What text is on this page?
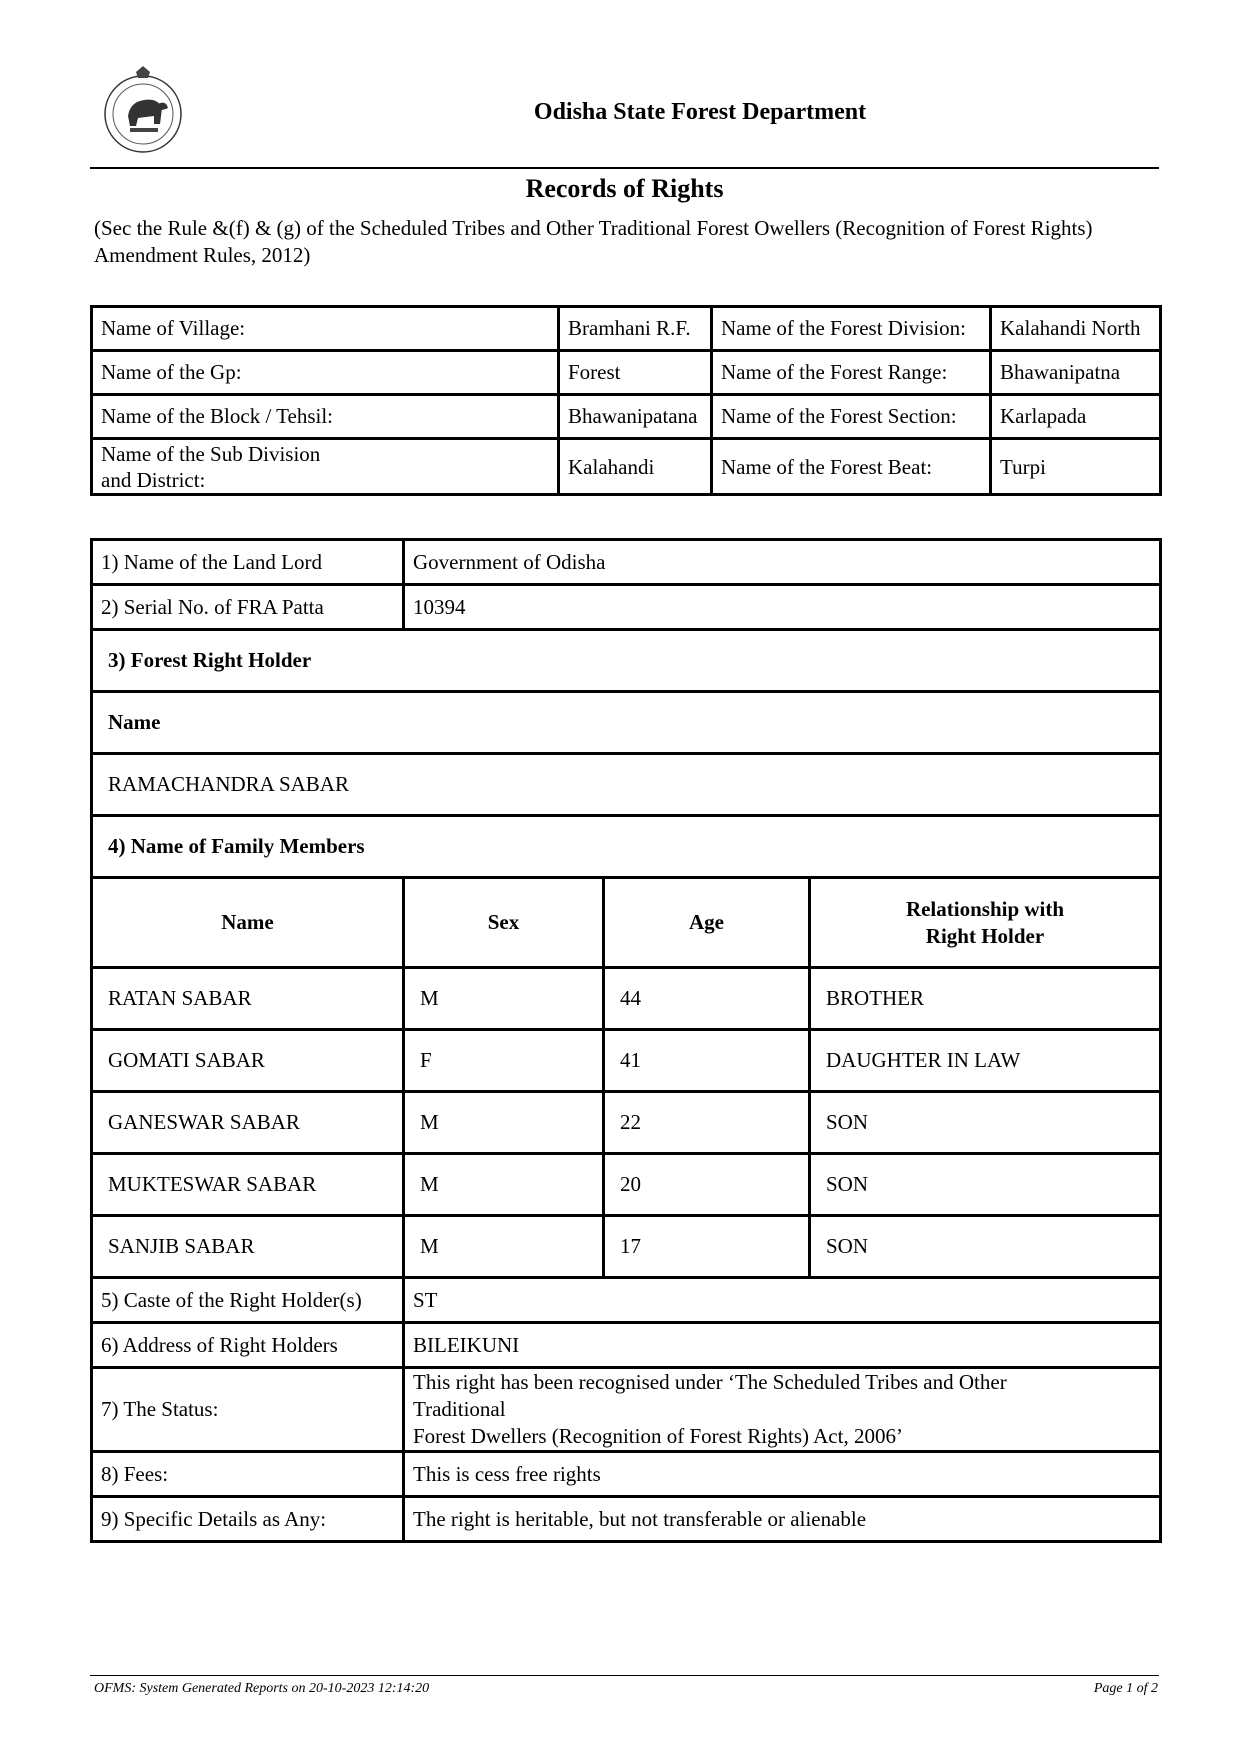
Odisha State Forest Department
Records of Rights
(Sec the Rule &(f) & (g) of the Scheduled Tribes and Other Traditional Forest Owellers (Recognition of Forest Rights) Amendment Rules, 2012)
Name of Village:	Bramhani R.F.	Name of the Forest Division:	Kalahandi North
Name of the Gp:	Forest	Name of the Forest Range:	Bhawanipatna
Name of the Block / Tehsil:	Bhawanipatana	Name of the Forest Section:	Karlapada

Name of the Sub Division and District:	Kalahandi	Name of the Forest Beat:	Turpi
1) Name of the Land Lord	Government of Odisha		
2) Serial No. of FRA Patta	10394		
3) Forest Right Holder			
Name			
RAMACHANDRA SABAR			
4) Name of Family Members			
Name	Sex	Age	Relationship with Right Holder
RATAN SABAR	M	44	BROTHER
GOMATI SABAR	F	41	DAUGHTER IN LAW
GANESWAR SABAR	M	22	SON
MUKTESWAR SABAR	M	20	SON
SANJIB SABAR	M	17	SON
5) Caste of the Right Holder(s)	ST		
6) Address of Right Holders	BILEIKUNI		
7) The Status:	This right has been recognised under ‘The Scheduled Tribes and Other
Traditional
Forest Dwellers (Recognition of Forest Rights) Act, 2006’		

8) Fees:	This is cess free rights		
9) Specific Details as Any:	The right is heritable, but not transferable or alienable		
OFMS: System Generated Reports on 20-10-2023 12:14:20	Page 1 of 2
